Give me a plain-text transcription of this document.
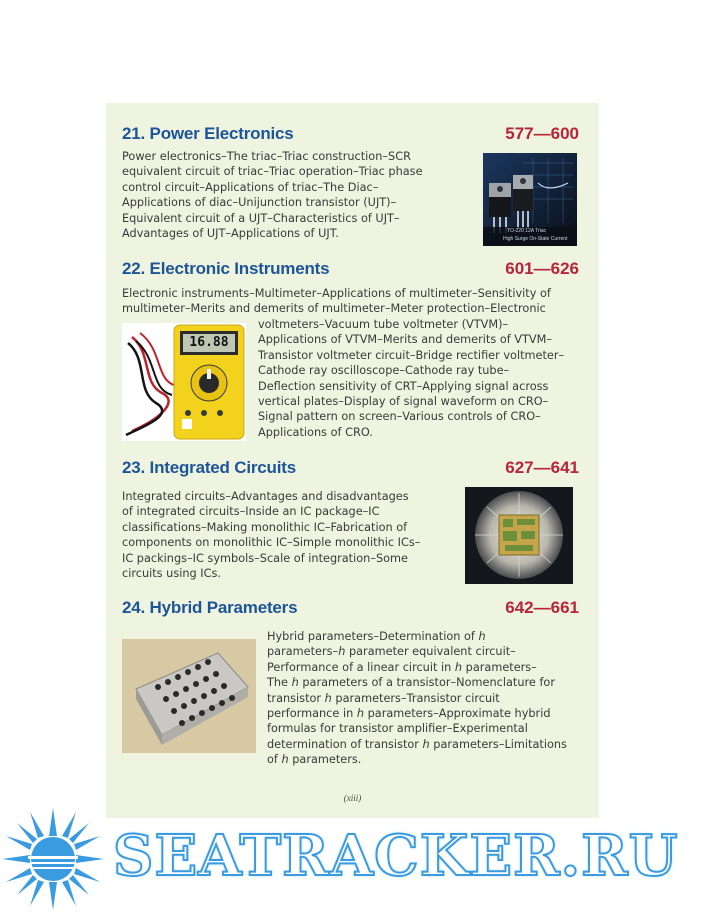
21. Power Electronics	577—600
Power electronics–The triac–Triac construction–SCR
equivalent circuit of triac–Triac operation–Triac phase
control circuit–Applications of triac–The Diac–
Applications of diac–Unijunction transistor (UJT)–
Equivalent circuit of a UJT–Characteristics of UJT–
Advantages of UJT–Applications of UJT.	TO-220 12A Triac
High Surge On-State Current
22. Electronic Instruments	601—626
Electronic instruments–Multimeter–Applications of multimeter–Sensitivity of
multimeter–Merits and demerits of multimeter–Meter protection–Electronic
16.88
voltmeters–Vacuum tube voltmeter (VTVM)–
Applications of VTVM–Merits and demerits of VTVM–
Transistor voltmeter circuit–Bridge rectifier voltmeter–
Cathode ray oscilloscope–Cathode ray tube–
Deflection sensitivity of CRT–Applying signal across
vertical plates–Display of signal waveform on CRO–
Signal pattern on screen–Various controls of CRO–
Applications of CRO.
23. Integrated Circuits	627—641
Integrated circuits–Advantages and disadvantages
of integrated circuits–Inside an IC package–IC
classifications–Making monolithic IC–Fabrication of
components on monolithic IC–Simple monolithic ICs–
IC packings–IC symbols–Scale of integration–Some
circuits using ICs.
24. Hybrid Parameters	642—661
Hybrid parameters–Determination of h
parameters–h parameter equivalent circuit–
Performance of a linear circuit in h parameters–
The h parameters of a transistor–Nomenclature for
transistor h parameters–Transistor circuit
performance in h parameters–Approximate hybrid
formulas for transistor amplifier–Experimental
determination of transistor h parameters–Limitations
of h parameters.
(xiii)
SEATRACKER.RU
